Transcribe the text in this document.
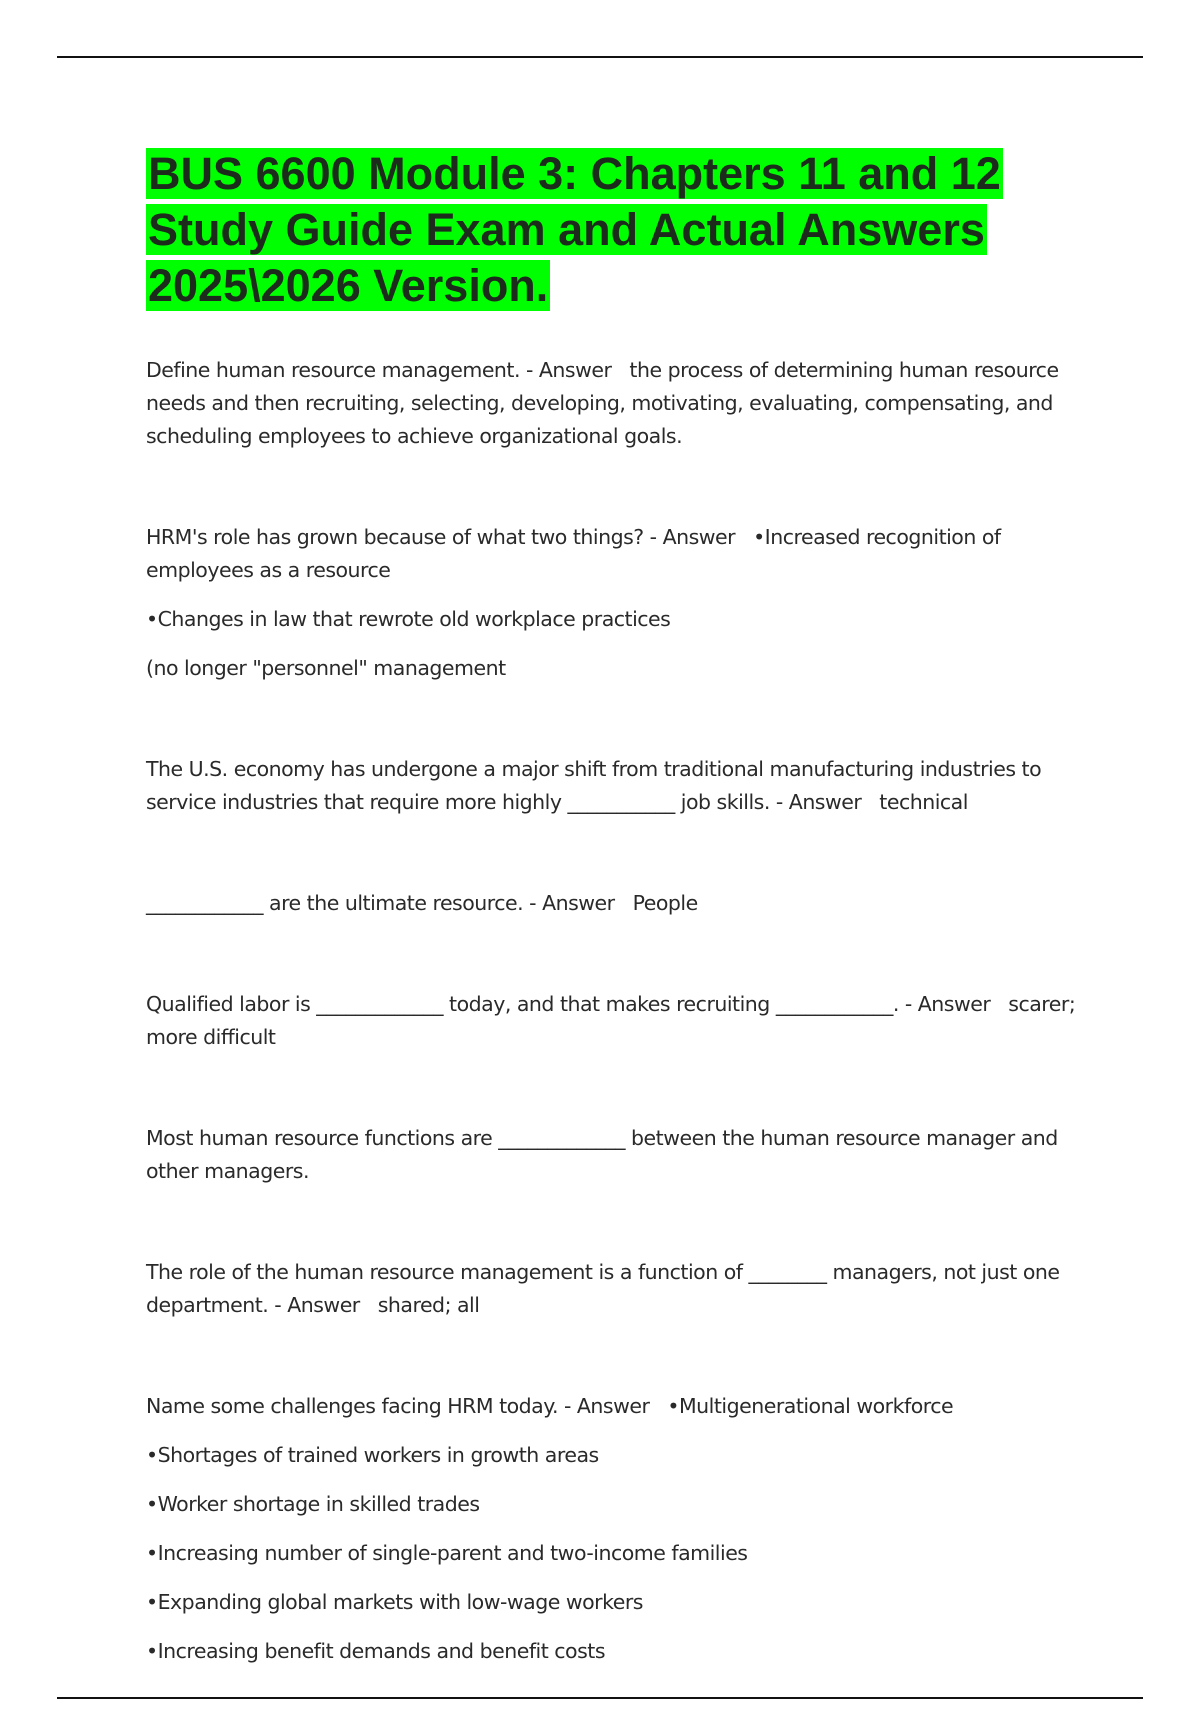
BUS 6600 Module 3: Chapters 11 and 12 Study Guide Exam and Actual Answers 2025\2026 Version.

Define human resource management. - Answer the process of determining human resource needs and then recruiting, selecting, developing, motivating, evaluating, compensating, and scheduling employees to achieve organizational goals.

HRM's role has grown because of what two things? - Answer •Increased recognition of employees as a resource

•Changes in law that rewrote old workplace practices

(no longer "personnel" management

The U.S. economy has undergone a major shift from traditional manufacturing industries to service industries that require more highly ___________ job skills. - Answer technical

____________ are the ultimate resource. - Answer People

Qualified labor is _____________ today, and that makes recruiting ____________. - Answer scarer; more difficult

Most human resource functions are _____________ between the human resource manager and other managers.

The role of the human resource management is a function of ________ managers, not just one department. - Answer shared; all

Name some challenges facing HRM today. - Answer •Multigenerational workforce

•Shortages of trained workers in growth areas

•Worker shortage in skilled trades

•Increasing number of single-parent and two-income families

•Expanding global markets with low-wage workers

•Increasing benefit demands and benefit costs
